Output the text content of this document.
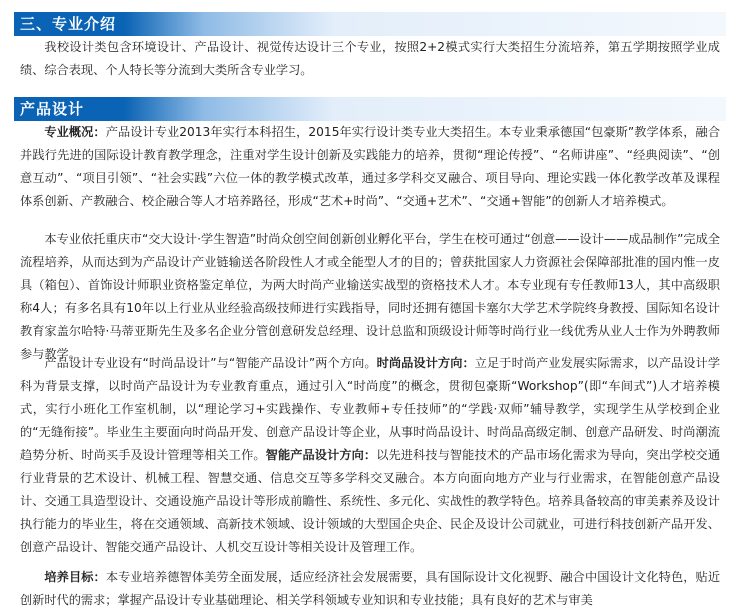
三、专业介绍

我校设计类包含环境设计、产品设计、视觉传达设计三个专业，按照2+2模式实行大类招生分流培养，第五学期按照学业成绩、综合表现、个人特长等分流到大类所含专业学习。

产品设计

专业概况：产品设计专业2013年实行本科招生，2015年实行设计类专业大类招生。本专业秉承德国“包豪斯”教学体系，融合并践行先进的国际设计教育教学理念，注重对学生设计创新及实践能力的培养，贯彻“理论传授”、“名师讲座”、“经典阅读”、“创意互动”、“项目引领”、“社会实践”六位一体的教学模式改革，通过多学科交叉融合、项目导向、理论实践一体化教学改革及课程体系创新、产教融合、校企融合等人才培养路径，形成“艺术+时尚”、“交通+艺术”、“交通+智能”的创新人才培养模式。

本专业依托重庆市“交大设计·学生智造”时尚众创空间创新创业孵化平台，学生在校可通过“创意——设计——成品制作”完成全流程培养，从而达到为产品设计产业链输送各阶段性人才或全能型人才的目的；曾获批国家人力资源社会保障部批准的国内惟一皮具（箱包）、首饰设计师职业资格鉴定单位，为两大时尚产业输送实战型的资格技术人才。本专业现有专任教师13人，其中高级职称4人；有多名具有10年以上行业从业经验高级技师进行实践指导，同时还拥有德国卡塞尔大学艺术学院终身教授、国际知名设计教育家盖尔哈特·马蒂亚斯先生及多名企业分管创意研发总经理、设计总监和顶级设计师等时尚行业一线优秀从业人士作为外聘教师参与教学。

产品设计专业设有“时尚品设计”与“智能产品设计”两个方向。时尚品设计方向：立足于时尚产业发展实际需求，以产品设计学科为背景支撑，以时尚产品设计为专业教育重点，通过引入“时尚度”的概念，贯彻包豪斯“Workshop”(即“车间式”)人才培养模式，实行小班化工作室机制，以“理论学习+实践操作、专业教师+专任技师”的“学践·双师”辅导教学，实现学生从学校到企业的“无缝衔接”。毕业生主要面向时尚品开发、创意产品设计等企业，从事时尚品设计、时尚品高级定制、创意产品研发、时尚潮流趋势分析、时尚买手及设计管理等相关工作。智能产品设计方向：以先进科技与智能技术的产品市场化需求为导向，突出学校交通行业背景的艺术设计、机械工程、智慧交通、信息交互等多学科交叉融合。本方向面向地方产业与行业需求，在智能创意产品设计、交通工具造型设计、交通设施产品设计等形成前瞻性、系统性、多元化、实战性的教学特色。培养具备较高的审美素养及设计执行能力的毕业生，将在交通领域、高新技术领域、设计领域的大型国企央企、民企及设计公司就业，可进行科技创新产品开发、创意产品设计、智能交通产品设计、人机交互设计等相关设计及管理工作。

培养目标：本专业培养德智体美劳全面发展，适应经济社会发展需要，具有国际设计文化视野、融合中国设计文化特色，贴近创新时代的需求；掌握产品设计专业基础理论、相关学科领域专业知识和专业技能；具有良好的艺术与审美
